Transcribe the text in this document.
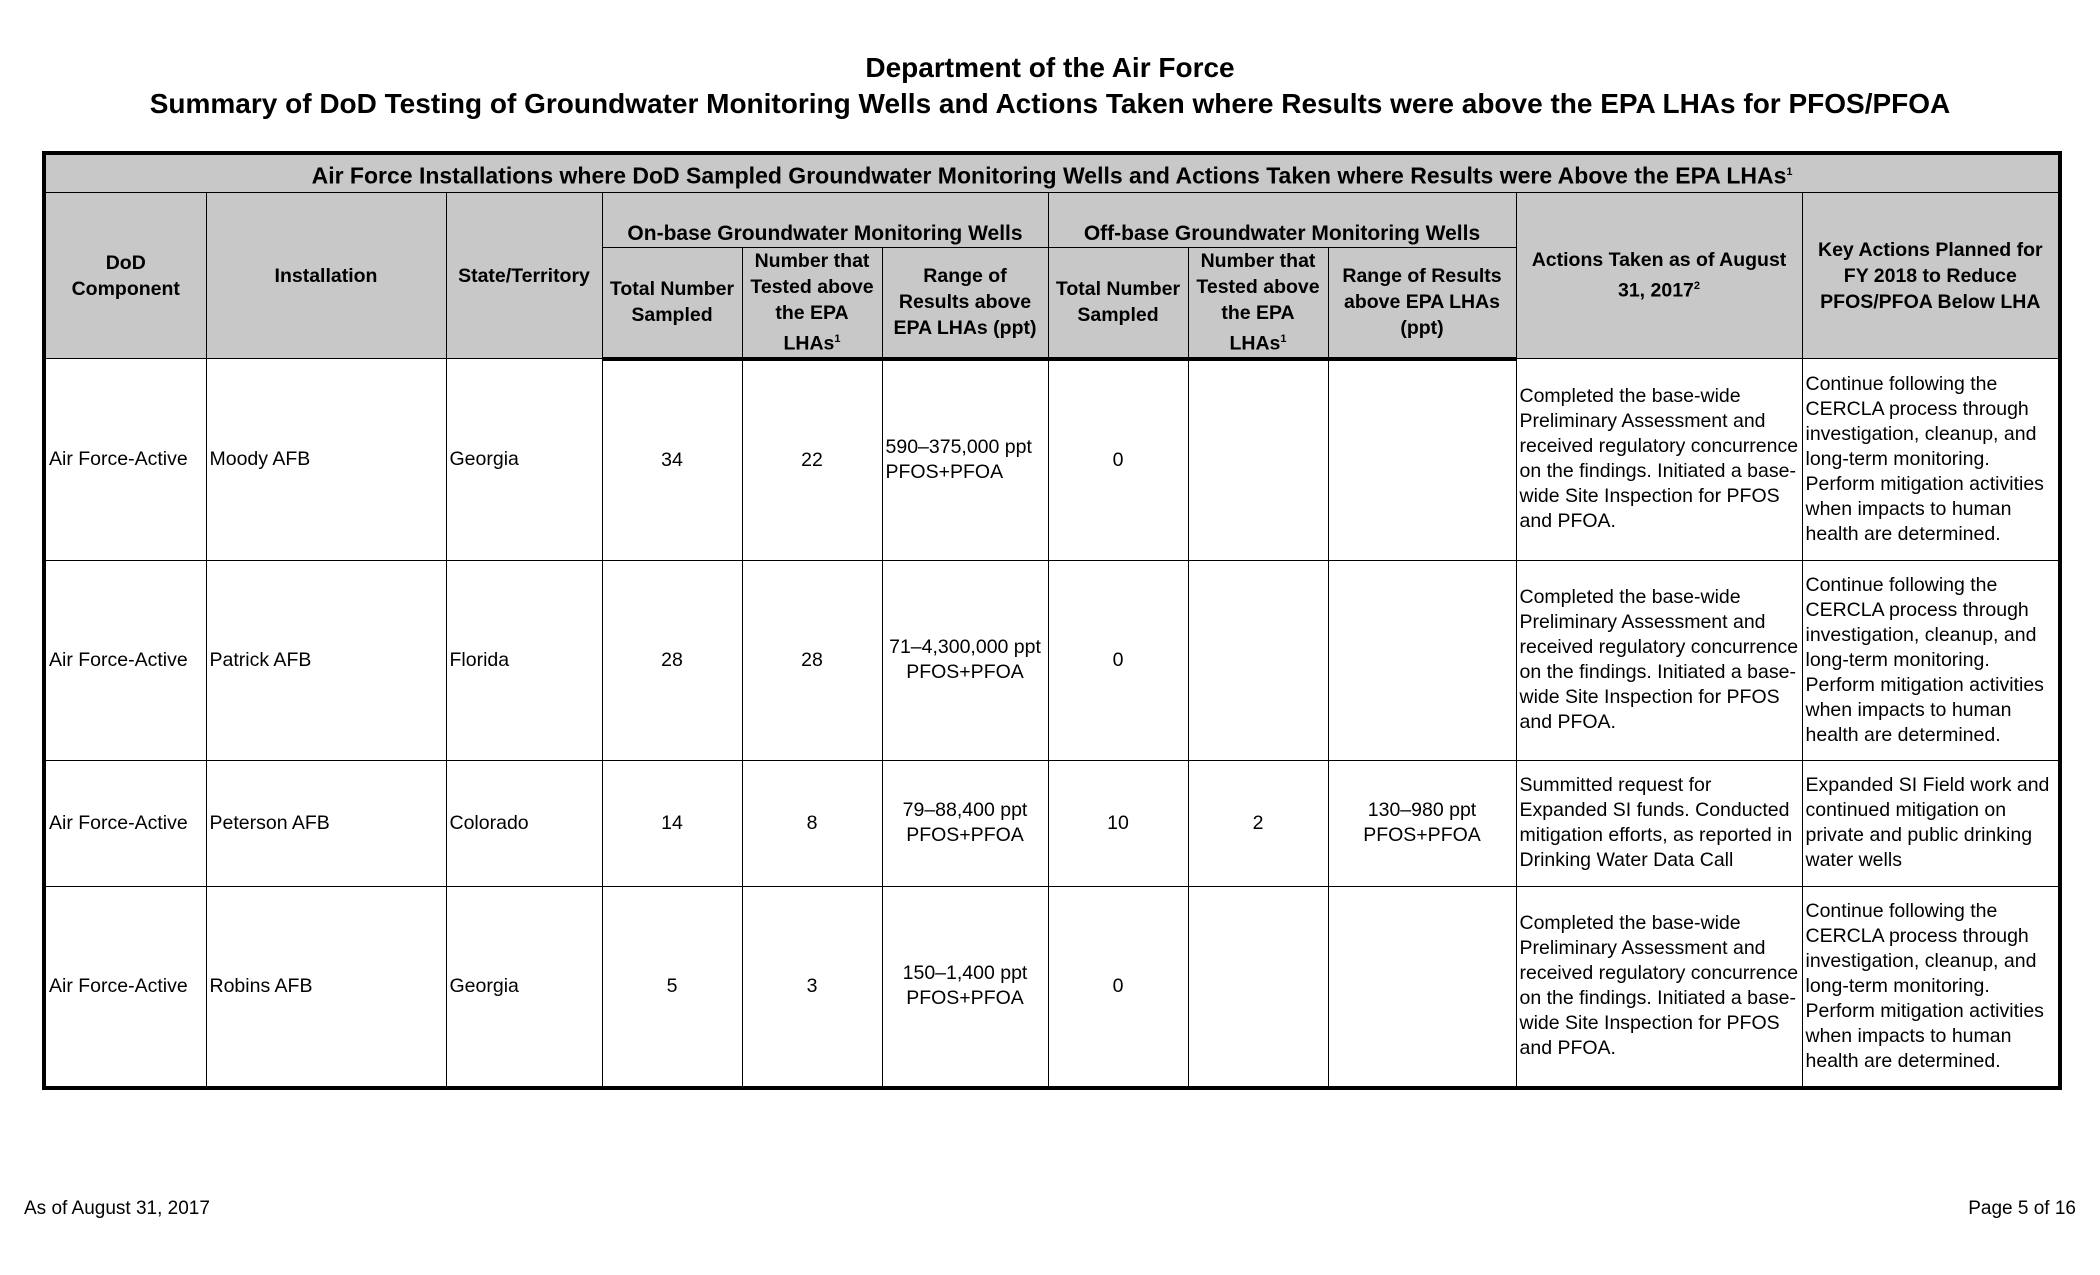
Department of the Air Force
Summary of DoD Testing of Groundwater Monitoring Wells and Actions Taken where Results were above the EPA LHAs for PFOS/PFOA
Air Force Installations where DoD Sampled Groundwater Monitoring Wells and Actions Taken where Results were Above the EPA LHAs$^1$
DoD Component	Installation	State/Territory	On-base Groundwater Monitoring Wells			Off-base Groundwater Monitoring Wells			Actions Taken as of August 31, 2017$^2$	Key Actions Planned for FY 2018 to Reduce PFOS/PFOA Below LHA
			Total Number Sampled	Number that Tested above the EPA LHAs$^1$	Range of Results above EPA LHAs (ppt)	Total Number Sampled	Number that Tested above the EPA LHAs$^1$	Range of Results above EPA LHAs (ppt)		
Air Force-Active	Moody AFB	Georgia	34	22	590–375,000 ppt PFOS+PFOA	0			Completed the base-wide Preliminary Assessment and received regulatory concurrence on the findings. Initiated a base-wide Site Inspection for PFOS and PFOA.	Continue following the CERCLA process through investigation, cleanup, and long-term monitoring. Perform mitigation activities when impacts to human health are determined.
Air Force-Active	Patrick AFB	Florida	28	28	71–4,300,000 ppt PFOS+PFOA	0			Completed the base-wide Preliminary Assessment and received regulatory concurrence on the findings. Initiated a base-wide Site Inspection for PFOS and PFOA.	Continue following the CERCLA process through investigation, cleanup, and long-term monitoring. Perform mitigation activities when impacts to human health are determined.
Air Force-Active	Peterson AFB	Colorado	14	8	79–88,400 ppt PFOS+PFOA	10	2	130–980 ppt PFOS+PFOA	Summitted request for Expanded SI funds. Conducted mitigation efforts, as reported in Drinking Water Data Call	Expanded SI Field work and continued mitigation on private and public drinking water wells
Air Force-Active	Robins AFB	Georgia	5	3	150–1,400 ppt PFOS+PFOA	0			Completed the base-wide Preliminary Assessment and received regulatory concurrence on the findings. Initiated a base-wide Site Inspection for PFOS and PFOA.	Continue following the CERCLA process through investigation, cleanup, and long-term monitoring. Perform mitigation activities when impacts to human health are determined.
As of August 31, 2017	Page 5 of 16
